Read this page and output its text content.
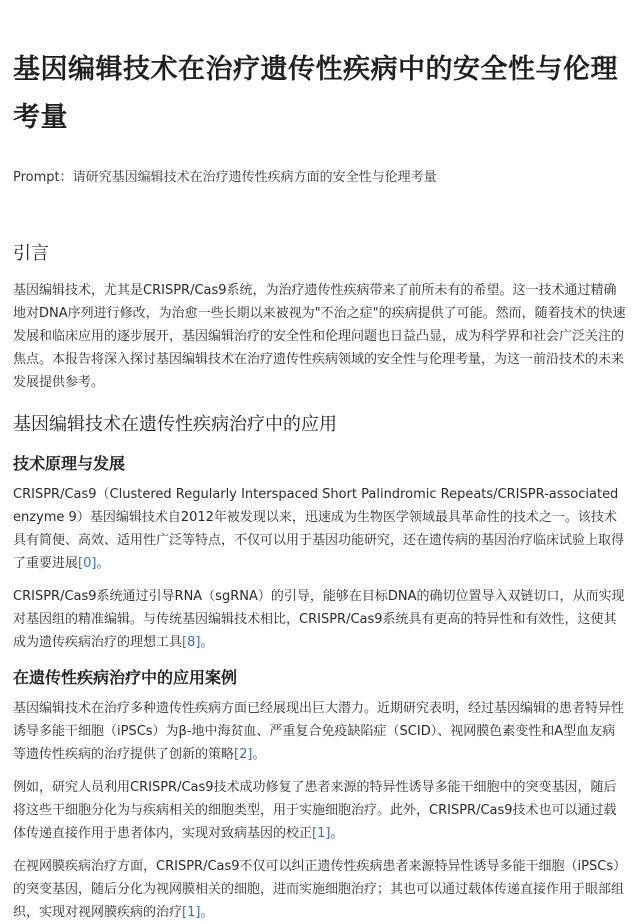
基因编辑技术在治疗遗传性疾病中的安全性与伦理考量
Prompt：请研究基因编辑技术在治疗遗传性疾病方面的安全性与伦理考量
引言

基因编辑技术，尤其是CRISPR/Cas9系统，为治疗遗传性疾病带来了前所未有的希望。这一技术通过精确地对DNA序列进行修改，为治愈一些长期以来被视为"不治之症"的疾病提供了可能。然而，随着技术的快速发展和临床应用的逐步展开，基因编辑治疗的安全性和伦理问题也日益凸显，成为科学界和社会广泛关注的焦点。本报告将深入探讨基因编辑技术在治疗遗传性疾病领域的安全性与伦理考量，为这一前沿技术的未来发展提供参考。

基因编辑技术在遗传性疾病治疗中的应用
技术原理与发展

CRISPR/Cas9（Clustered Regularly Interspaced Short Palindromic Repeats/CRISPR-associated enzyme 9）基因编辑技术自2012年被发现以来，迅速成为生物医学领域最具革命性的技术之一。该技术具有简便、高效、适用性广泛等特点，不仅可以用于基因功能研究，还在遗传病的基因治疗临床试验上取得了重要进展[0]。

CRISPR/Cas9系统通过引导RNA（sgRNA）的引导，能够在目标DNA的确切位置导入双链切口，从而实现对基因组的精准编辑。与传统基因编辑技术相比，CRISPR/Cas9系统具有更高的特异性和有效性，这使其成为遗传疾病治疗的理想工具[8]。

在遗传性疾病治疗中的应用案例

基因编辑技术在治疗多种遗传性疾病方面已经展现出巨大潜力。近期研究表明，经过基因编辑的患者特异性诱导多能干细胞（iPSCs）为β-地中海贫血、严重复合免疫缺陷症（SCID）、视网膜色素变性和A型血友病等遗传性疾病的治疗提供了创新的策略[2]。

例如，研究人员利用CRISPR/Cas9技术成功修复了患者来源的特异性诱导多能干细胞中的突变基因，随后将这些干细胞分化为与疾病相关的细胞类型，用于实施细胞治疗。此外，CRISPR/Cas9技术也可以通过载体传递直接作用于患者体内，实现对致病基因的校正[1]。

在视网膜疾病治疗方面，CRISPR/Cas9不仅可以纠正遗传性疾病患者来源特异性诱导多能干细胞（iPSCs）的突变基因，随后分化为视网膜相关的细胞，进而实施细胞治疗；其也可以通过载体传递直接作用于眼部组织，实现对视网膜疾病的治疗[1]。
